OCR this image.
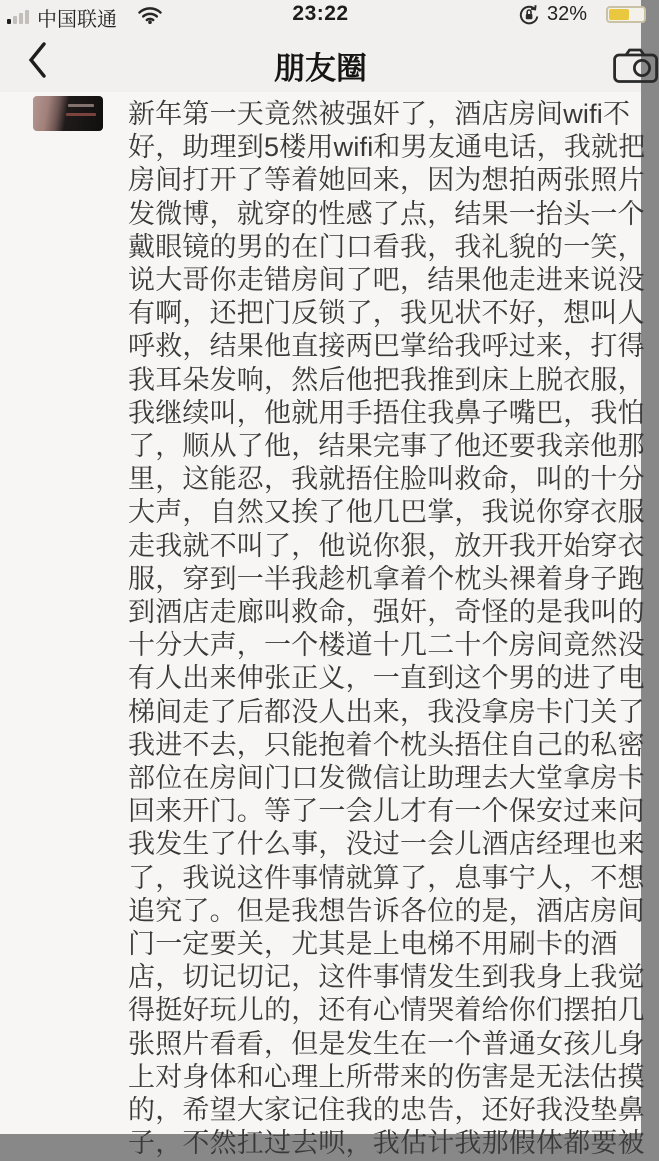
中国联通	23:22	32%
朋友圈
新年第一天竟然被强奸了，酒店房间wifi不
好，助理到5楼用wifi和男友通电话，我就把
房间打开了等着她回来，因为想拍两张照片
发微博，就穿的性感了点，结果一抬头一个
戴眼镜的男的在门口看我，我礼貌的一笑，
说大哥你走错房间了吧，结果他走进来说没
有啊，还把门反锁了，我见状不好，想叫人
呼救，结果他直接两巴掌给我呼过来，打得
我耳朵发响，然后他把我推到床上脱衣服，
我继续叫，他就用手捂住我鼻子嘴巴，我怕
了，顺从了他，结果完事了他还要我亲他那
里，这能忍，我就捂住脸叫救命，叫的十分
大声，自然又挨了他几巴掌，我说你穿衣服
走我就不叫了，他说你狠，放开我开始穿衣
服，穿到一半我趁机拿着个枕头裸着身子跑
到酒店走廊叫救命，强奸，奇怪的是我叫的
十分大声，一个楼道十几二十个房间竟然没
有人出来伸张正义，一直到这个男的进了电
梯间走了后都没人出来，我没拿房卡门关了
我进不去，只能抱着个枕头捂住自己的私密
部位在房间门口发微信让助理去大堂拿房卡
回来开门。等了一会儿才有一个保安过来问
我发生了什么事，没过一会儿酒店经理也来
了，我说这件事情就算了，息事宁人，不想
追究了。但是我想告诉各位的是，酒店房间
门一定要关，尤其是上电梯不用刷卡的酒
店，切记切记，这件事情发生到我身上我觉
得挺好玩儿的，还有心情哭着给你们摆拍几
张照片看看，但是发生在一个普通女孩儿身
上对身体和心理上所带来的伤害是无法估摸
的，希望大家记住我的忠告，还好我没垫鼻
子，不然扛过去呗，我估计我那假体都要被
